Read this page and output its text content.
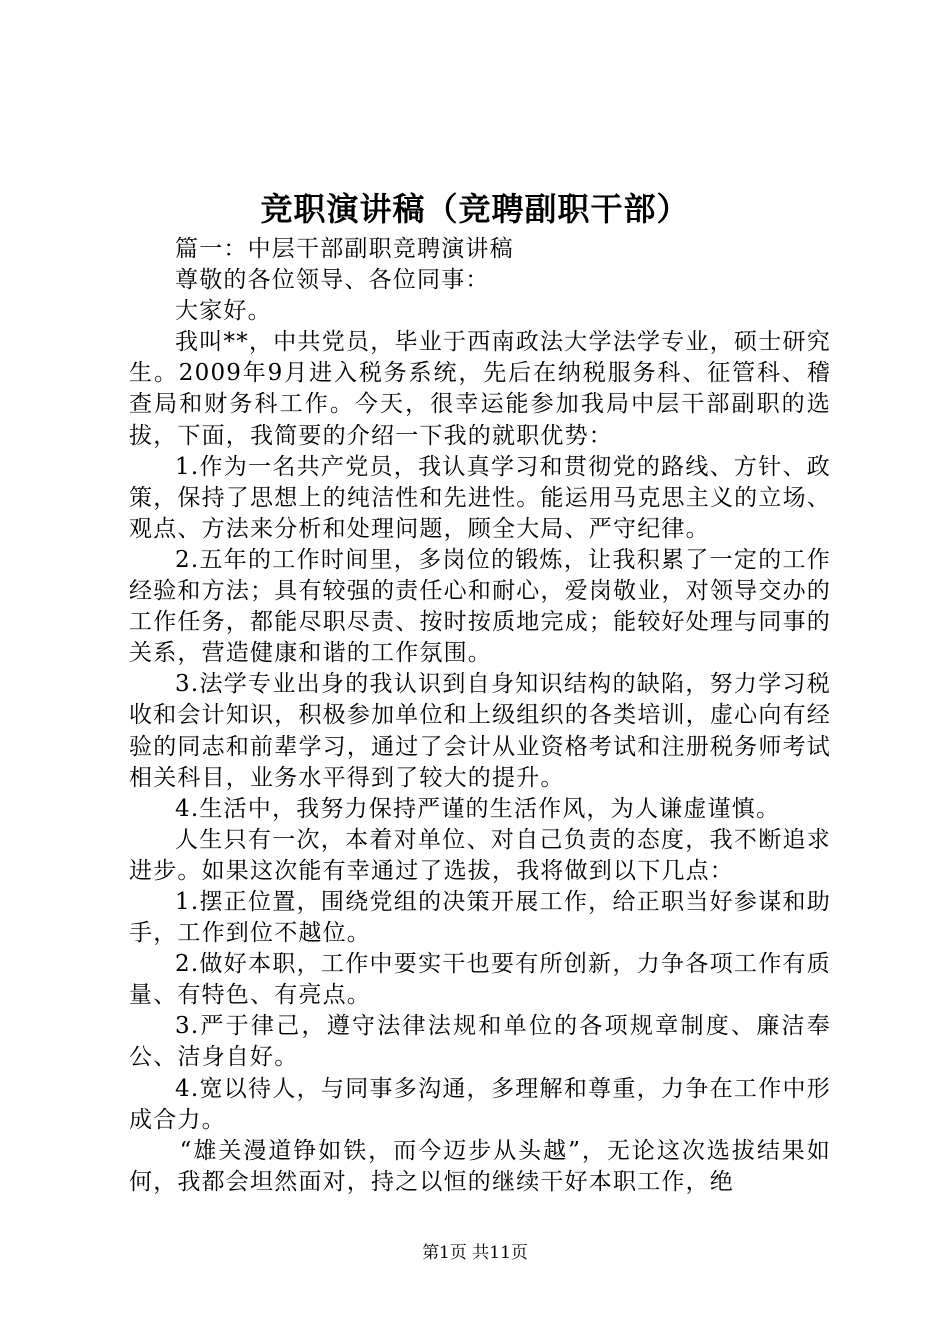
竞职演讲稿（竞聘副职干部）

篇一：中层干部副职竞聘演讲稿

尊敬的各位领导、各位同事：

大家好。

我叫**，中共党员，毕业于西南政法大学法学专业，硕士研究生。2009年9月进入税务系统，先后在纳税服务科、征管科、稽查局和财务科工作。今天，很幸运能参加我局中层干部副职的选拔，下面，我简要的介绍一下我的就职优势：

1.作为一名共产党员，我认真学习和贯彻党的路线、方针、政策，保持了思想上的纯洁性和先进性。能运用马克思主义的立场、观点、方法来分析和处理问题，顾全大局、严守纪律。

2.五年的工作时间里，多岗位的锻炼，让我积累了一定的工作经验和方法；具有较强的责任心和耐心，爱岗敬业，对领导交办的工作任务，都能尽职尽责、按时按质地完成；能较好处理与同事的关系，营造健康和谐的工作氛围。

3.法学专业出身的我认识到自身知识结构的缺陷，努力学习税收和会计知识，积极参加单位和上级组织的各类培训，虚心向有经验的同志和前辈学习，通过了会计从业资格考试和注册税务师考试相关科目，业务水平得到了较大的提升。

4.生活中，我努力保持严谨的生活作风，为人谦虚谨慎。

人生只有一次，本着对单位、对自己负责的态度，我不断追求进步。如果这次能有幸通过了选拔，我将做到以下几点：

1.摆正位置，围绕党组的决策开展工作，给正职当好参谋和助手，工作到位不越位。

2.做好本职，工作中要实干也要有所创新，力争各项工作有质量、有特色、有亮点。

3.严于律己，遵守法律法规和单位的各项规章制度、廉洁奉公、洁身自好。

4.宽以待人，与同事多沟通，多理解和尊重，力争在工作中形成合力。

“雄关漫道铮如铁，而今迈步从头越”，无论这次选拔结果如何，我都会坦然面对，持之以恒的继续干好本职工作，绝

第1页 共11页
